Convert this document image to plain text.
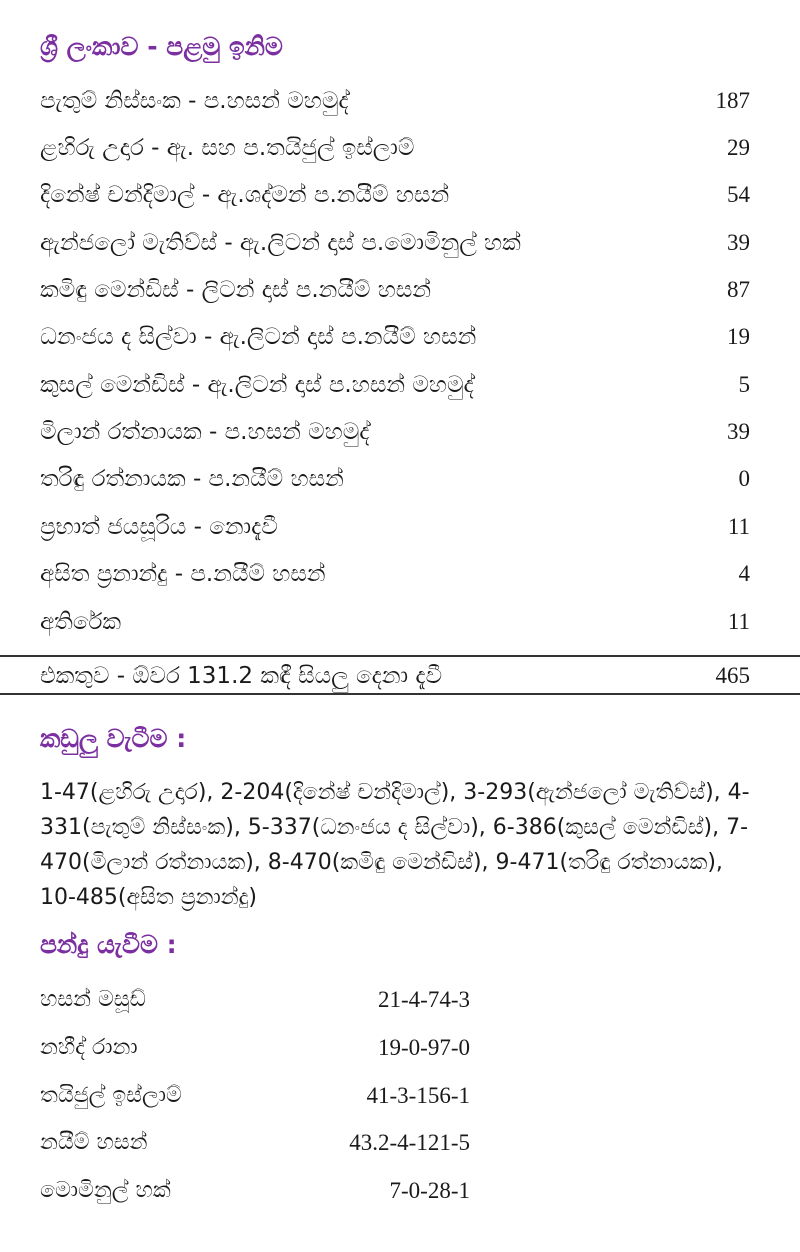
ශ්‍රී ලංකාව - පළමු ඉනිම
පැතුම් නිස්සංක - ප.හසන් මහමුද්	187
ළහිරු උදාර - ඇ. සහ ප.තයිජුල් ඉස්ලාම්	29
දිනේෂ් චන්දිමාල් - ඇ.ශද්මන් ප.නයීම් හසන්	54
ඇන්ජලෝ මැතිව්ස් - ඇ.ලිටන් දාස් ප.මොමිනුල් හක්	39
කමිඳු මෙන්ඩිස් - ලිටන් දාස් ප.නයීම් හසන්	87
ධනංජය ද සිල්වා - ඇ.ලිටන් දාස් ප.නයීම් හසන්	19
කුසල් මෙන්ඩිස් - ඇ.ලිටන් දාස් ප.හසන් මහමුද්	5
මිලාන් රත්නායක - ප.හසන් මහමුද්	39
තරිඳු රත්නායක - ප.නයීම් හසන්	0
ප්‍රභාත් ජයසූරිය - නොදැවී	11
අසිත ප්‍රනාන්දු - ප.නයීම් හසන්	4
අතිරේක	11
එකතුව - ඕවර 131.2 කඳී සියලු දෙනා දැවී	465
කඩුලු වැටීම :
1-47(ළහිරු උදාර), 2-204(දිනේෂ් චන්දිමාල්), 3-293(ඇන්ජලෝ මැතිව්ස්), 4-331(පැතුම් නිස්සංක), 5-337(ධනංජය ද සිල්වා), 6-386(කුසල් මෙන්ඩිස්), 7-470(මිලාන් රත්නායක), 8-470(කමිඳු මෙන්ඩිස්), 9-471(තරිඳු රත්නායක), 10-485(අසිත ප්‍රනාන්දු)
පන්දු යැවීම :
හසන් මසූඩ්	21-4-74-3
නහීද් රානා	19-0-97-0
තයිජුල් ඉස්ලාම්	41-3-156-1
නයීම් හසන්	43.2-4-121-5
මොමිනුල් හක්	7-0-28-1
